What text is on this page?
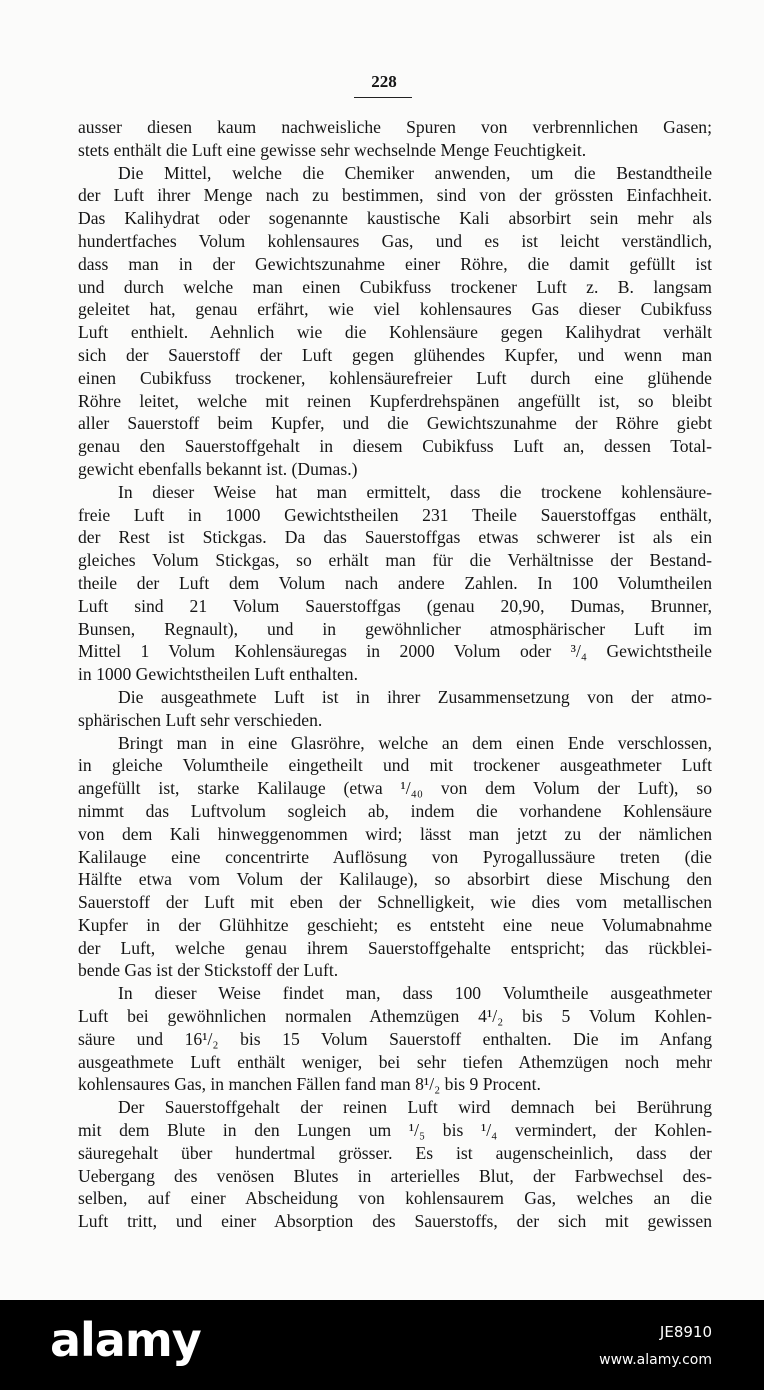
228
ausser diesen kaum nachweisliche Spuren von verbrennlichen Gasen;
stets enthält die Luft eine gewisse sehr wechselnde Menge Feuchtigkeit.
Die Mittel, welche die Chemiker anwenden, um die Bestandtheile
der Luft ihrer Menge nach zu bestimmen, sind von der grössten Einfachheit.
Das Kalihydrat oder sogenannte kaustische Kali absorbirt sein mehr als
hundertfaches Volum kohlensaures Gas, und es ist leicht verständlich,
dass man in der Gewichtszunahme einer Röhre, die damit gefüllt ist
und durch welche man einen Cubikfuss trockener Luft z. B. langsam
geleitet hat, genau erfährt, wie viel kohlensaures Gas dieser Cubikfuss
Luft enthielt. Aehnlich wie die Kohlensäure gegen Kalihydrat verhält
sich der Sauerstoff der Luft gegen glühendes Kupfer, und wenn man
einen Cubikfuss trockener, kohlensäurefreier Luft durch eine glühende
Röhre leitet, welche mit reinen Kupferdrehspänen angefüllt ist, so bleibt
aller Sauerstoff beim Kupfer, und die Gewichtszunahme der Röhre giebt
genau den Sauerstoffgehalt in diesem Cubikfuss Luft an, dessen Total-
gewicht ebenfalls bekannt ist. (Dumas.)
In dieser Weise hat man ermittelt, dass die trockene kohlensäure-
freie Luft in 1000 Gewichtstheilen 231 Theile Sauerstoffgas enthält,
der Rest ist Stickgas. Da das Sauerstoffgas etwas schwerer ist als ein
gleiches Volum Stickgas, so erhält man für die Verhältnisse der Bestand-
theile der Luft dem Volum nach andere Zahlen. In 100 Volumtheilen
Luft sind 21 Volum Sauerstoffgas (genau 20,90, Dumas, Brunner,
Bunsen, Regnault), und in gewöhnlicher atmosphärischer Luft im
Mittel 1 Volum Kohlensäuregas in 2000 Volum oder ³/₄ Gewichtstheile
in 1000 Gewichtstheilen Luft enthalten.
Die ausgeathmete Luft ist in ihrer Zusammensetzung von der atmo-
sphärischen Luft sehr verschieden.
Bringt man in eine Glasröhre, welche an dem einen Ende verschlossen,
in gleiche Volumtheile eingetheilt und mit trockener ausgeathmeter Luft
angefüllt ist, starke Kalilauge (etwa ¹/₄₀ von dem Volum der Luft), so
nimmt das Luftvolum sogleich ab, indem die vorhandene Kohlensäure
von dem Kali hinweggenommen wird; lässt man jetzt zu der nämlichen
Kalilauge eine concentrirte Auflösung von Pyrogallussäure treten (die
Hälfte etwa vom Volum der Kalilauge), so absorbirt diese Mischung den
Sauerstoff der Luft mit eben der Schnelligkeit, wie dies vom metallischen
Kupfer in der Glühhitze geschieht; es entsteht eine neue Volumabnahme
der Luft, welche genau ihrem Sauerstoffgehalte entspricht; das rückblei-
bende Gas ist der Stickstoff der Luft.
In dieser Weise findet man, dass 100 Volumtheile ausgeathmeter
Luft bei gewöhnlichen normalen Athemzügen 4¹/₂ bis 5 Volum Kohlen-
säure und 16¹/₂ bis 15 Volum Sauerstoff enthalten. Die im Anfang
ausgeathmete Luft enthält weniger, bei sehr tiefen Athemzügen noch mehr
kohlensaures Gas, in manchen Fällen fand man 8¹/₂ bis 9 Procent.
Der Sauerstoffgehalt der reinen Luft wird demnach bei Berührung
mit dem Blute in den Lungen um ¹/₅ bis ¹/₄ vermindert, der Kohlen-
säuregehalt über hundertmal grösser. Es ist augenscheinlich, dass der
Uebergang des venösen Blutes in arterielles Blut, der Farbwechsel des-
selben, auf einer Abscheidung von kohlensaurem Gas, welches an die
Luft tritt, und einer Absorption des Sauerstoffs, der sich mit gewissen
alamy	JE8910
www.alamy.com
